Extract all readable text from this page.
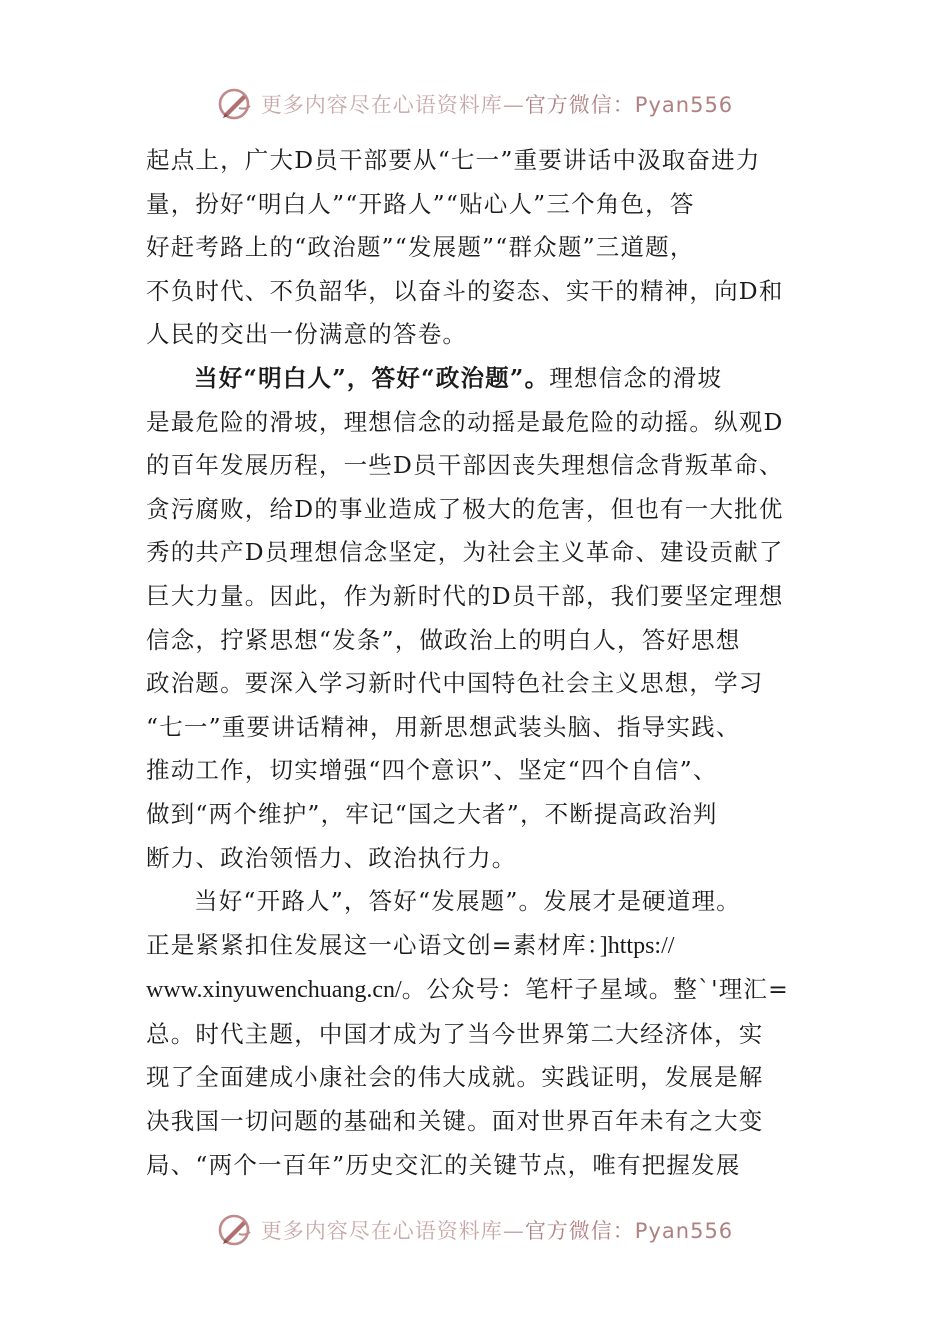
更多内容尽在心语资料库—官方微信：Pyan556

起点上，广大D员干部要从“七一”重要讲话中汲取奋进力
量，扮好“明白人”“开路人”“贴心人”三个角色，答
好赶考路上的“政治题”“发展题”“群众题”三道题，
不负时代、不负韶华，以奋斗的姿态、实干的精神，向D和
人民的交出一份满意的答卷。

当好“明白人”，答好“政治题”。理想信念的滑坡
是最危险的滑坡，理想信念的动摇是最危险的动摇。纵观D
的百年发展历程，一些D员干部因丧失理想信念背叛革命、
贪污腐败，给D的事业造成了极大的危害，但也有一大批优
秀的共产D员理想信念坚定，为社会主义革命、建设贡献了
巨大力量。因此，作为新时代的D员干部，我们要坚定理想
信念，拧紧思想“发条”，做政治上的明白人，答好思想
政治题。要深入学习新时代中国特色社会主义思想，学习
“七一”重要讲话精神，用新思想武装头脑、指导实践、
推动工作，切实增强“四个意识”、坚定“四个自信”、
做到“两个维护”，牢记“国之大者”，不断提高政治判
断力、政治领悟力、政治执行力。

当好“开路人”，答好“发展题”。发展才是硬道理。
正是紧紧扣住发展这一心语文创=素材库：]https://
www.xinyuwenchuang.cn/。公众号：笔杆子星域。整`'理汇=
总。时代主题，中国才成为了当今世界第二大经济体，实
现了全面建成小康社会的伟大成就。实践证明，发展是解
决我国一切问题的基础和关键。面对世界百年未有之大变
局、“两个一百年”历史交汇的关键节点，唯有把握发展

更多内容尽在心语资料库—官方微信：Pyan556
